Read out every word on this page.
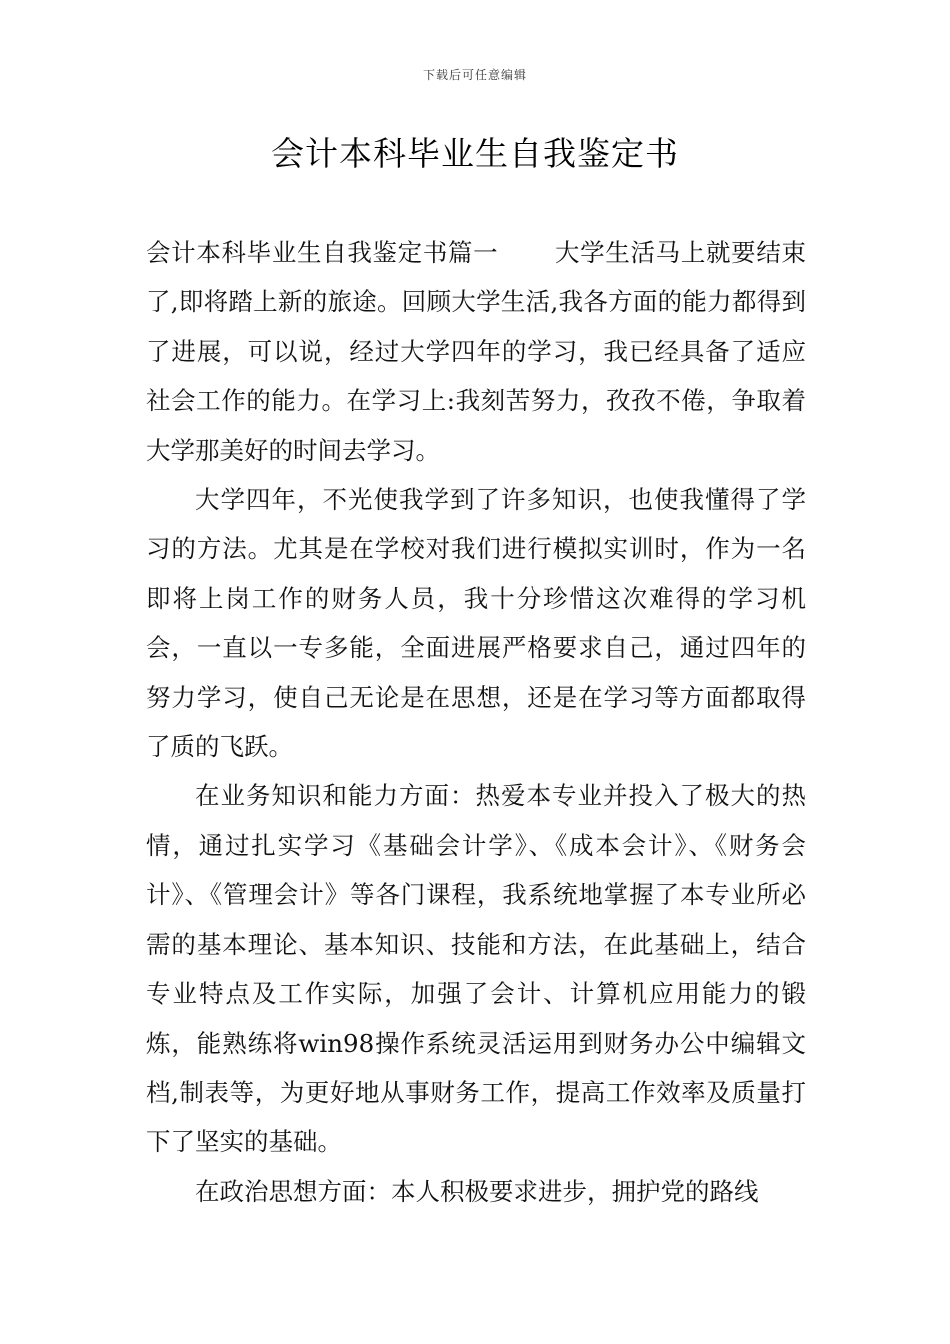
下载后可任意编辑
会计本科毕业生自我鉴定书

会计本科毕业生自我鉴定书篇一 大学生活马上就要结束了,即将踏上新的旅途。回顾大学生活,我各方面的能力都得到了进展，可以说，经过大学四年的学习，我已经具备了适应社会工作的能力。在学习上:我刻苦努力，孜孜不倦，争取着大学那美好的时间去学习。

大学四年，不光使我学到了许多知识，也使我懂得了学习的方法。尤其是在学校对我们进行模拟实训时，作为一名即将上岗工作的财务人员，我十分珍惜这次难得的学习机会，一直以一专多能，全面进展严格要求自己，通过四年的努力学习，使自己无论是在思想，还是在学习等方面都取得了质的飞跃。

在业务知识和能力方面：热爱本专业并投入了极大的热情，通过扎实学习《基础会计学》、《成本会计》、《财务会计》、《管理会计》等各门课程，我系统地掌握了本专业所必需的基本理论、基本知识、技能和方法，在此基础上，结合专业特点及工作实际，加强了会计、计算机应用能力的锻炼，能熟练将win98操作系统灵活运用到财务办公中编辑文档,制表等，为更好地从事财务工作，提高工作效率及质量打下了坚实的基础。

在政治思想方面：本人积极要求进步，拥护党的路线
